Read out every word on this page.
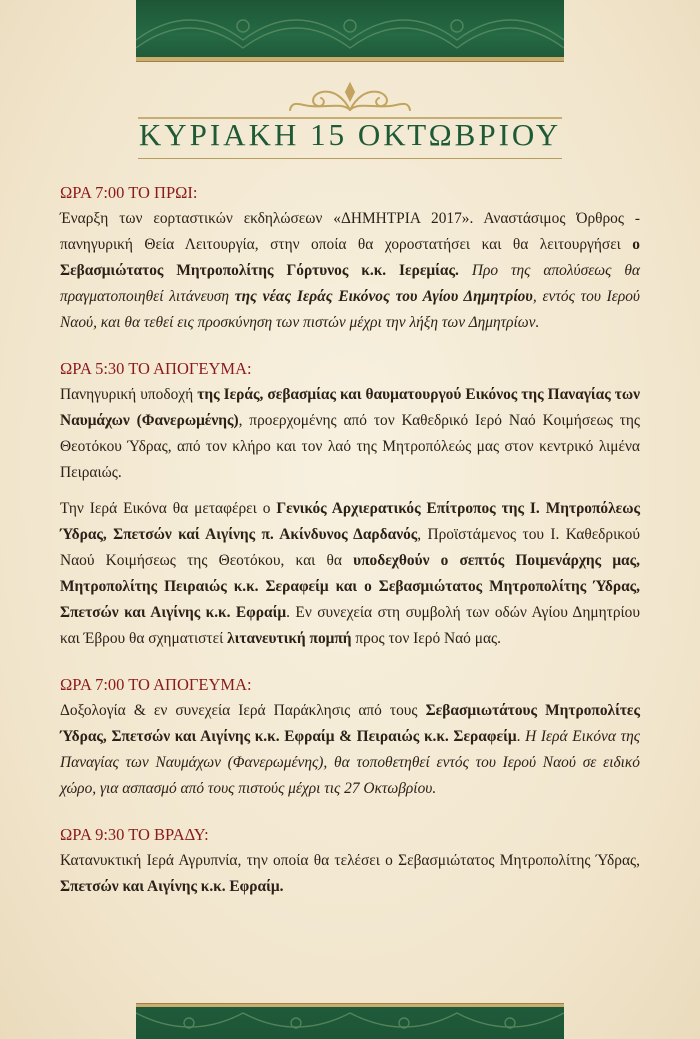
ΚΥΡΙΑΚΗ 15 ΟΚΤΩΒΡΙΟΥ

ΩΡΑ 7:00 ΤΟ ΠΡΩΙ:

Έναρξη των εορταστικών εκδηλώσεων «ΔΗΜΗΤΡΙΑ 2017». Αναστάσιμος Όρθρος - πανηγυρική Θεία Λειτουργία, στην οποία θα χοροστατήσει και θα λειτουργήσει ο Σεβασμιώτατος Μητροπολίτης Γόρτυνος κ.κ. Ιερεμίας. Προ της απολύσεως θα πραγματοποιηθεί λιτάνευση της νέας Ιεράς Εικόνος του Αγίου Δημητρίου, εντός του Ιερού Ναού, και θα τεθεί εις προσκύνηση των πιστών μέχρι την λήξη των Δημητρίων.

ΩΡΑ 5:30 ΤΟ ΑΠΟΓΕΥΜΑ:

Πανηγυρική υποδοχή της Ιεράς, σεβασμίας και θαυματουργού Εικόνος της Παναγίας των Ναυμάχων (Φανερωμένης), προερχομένης από τον Καθεδρικό Ιερό Ναό Κοιμήσεως της Θεοτόκου Ύδρας, από τον κλήρο και τον λαό της Μητροπόλεώς μας στον κεντρικό λιμένα Πειραιώς.

Την Ιερά Εικόνα θα μεταφέρει ο Γενικός Αρχιερατικός Επίτροπος της Ι. Μητροπόλεως Ύδρας, Σπετσών καί Αιγίνης π. Ακίνδυνος Δαρδανός, Προϊστάμενος του Ι. Καθεδρικού Ναού Κοιμήσεως της Θεοτόκου, και θα υποδεχθούν ο σεπτός Ποιμενάρχης μας, Μητροπολίτης Πειραιώς κ.κ. Σεραφείμ και ο Σεβασμιώτατος Μητροπολίτης Ύδρας, Σπετσών και Αιγίνης κ.κ. Εφραίμ. Εν συνεχεία στη συμβολή των οδών Αγίου Δημητρίου και Έβρου θα σχηματιστεί λιτανευτική πομπή προς τον Ιερό Ναό μας.

ΩΡΑ 7:00 ΤΟ ΑΠΟΓΕΥΜΑ:

Δοξολογία & εν συνεχεία Ιερά Παράκλησις από τους Σεβασμιωτάτους Μητροπολίτες Ύδρας, Σπετσών και Αιγίνης κ.κ. Εφραίμ & Πειραιώς κ.κ. Σεραφείμ. Η Ιερά Εικόνα της Παναγίας των Ναυμάχων (Φανερωμένης), θα τοποθετηθεί εντός του Ιερού Ναού σε ειδικό χώρο, για ασπασμό από τους πιστούς μέχρι τις 27 Οκτωβρίου.

ΩΡΑ 9:30 ΤΟ ΒΡΑΔΥ:

Κατανυκτική Ιερά Αγρυπνία, την οποία θα τελέσει ο Σεβασμιώτατος Μητροπολίτης Ύδρας, Σπετσών και Αιγίνης κ.κ. Εφραίμ.
